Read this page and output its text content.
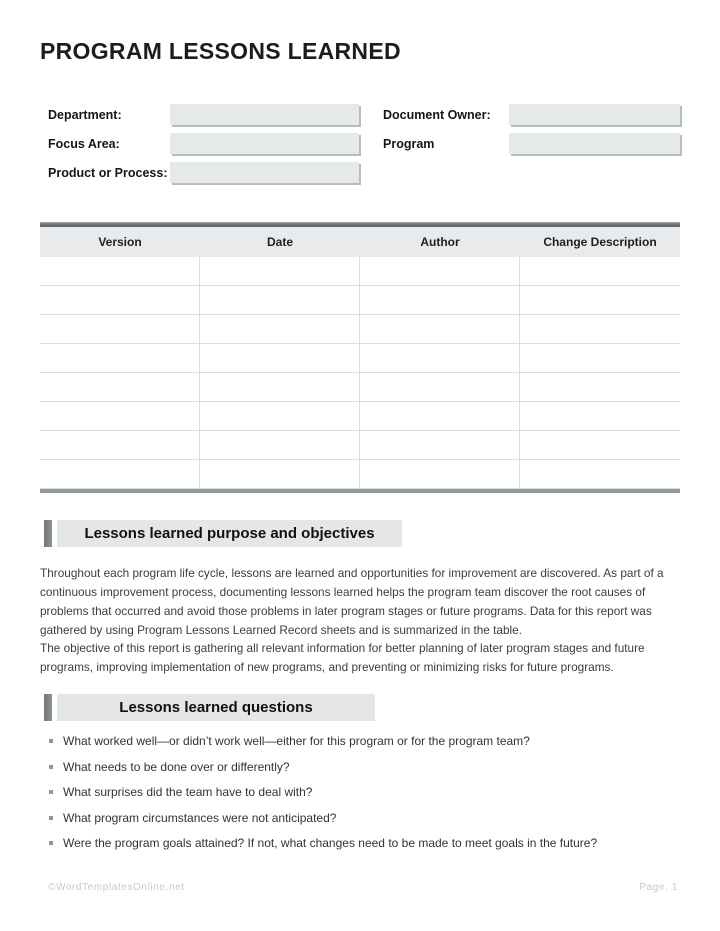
PROGRAM LESSONS LEARNED
Department:
Focus Area:
Product or Process:
Document Owner:
Program
Version	Date	Author	Change Description
Lessons learned purpose and objectives
Throughout each program life cycle, lessons are learned and opportunities for improvement are discovered. As part of a continuous improvement process, documenting lessons learned helps the program team discover the root causes of problems that occurred and avoid those problems in later program stages or future programs. Data for this report was gathered by using Program Lessons Learned Record sheets and is summarized in the table.
The objective of this report is gathering all relevant information for better planning of later program stages and future programs, improving implementation of new programs, and preventing or minimizing risks for future programs.
Lessons learned questions
What worked well—or didn’t work well—either for this program or for the program team?
What needs to be done over or differently?
What surprises did the team have to deal with?
What program circumstances were not anticipated?
Were the program goals attained? If not, what changes need to be made to meet goals in the future?
©WordTemplatesOnline.net	Page. 1
